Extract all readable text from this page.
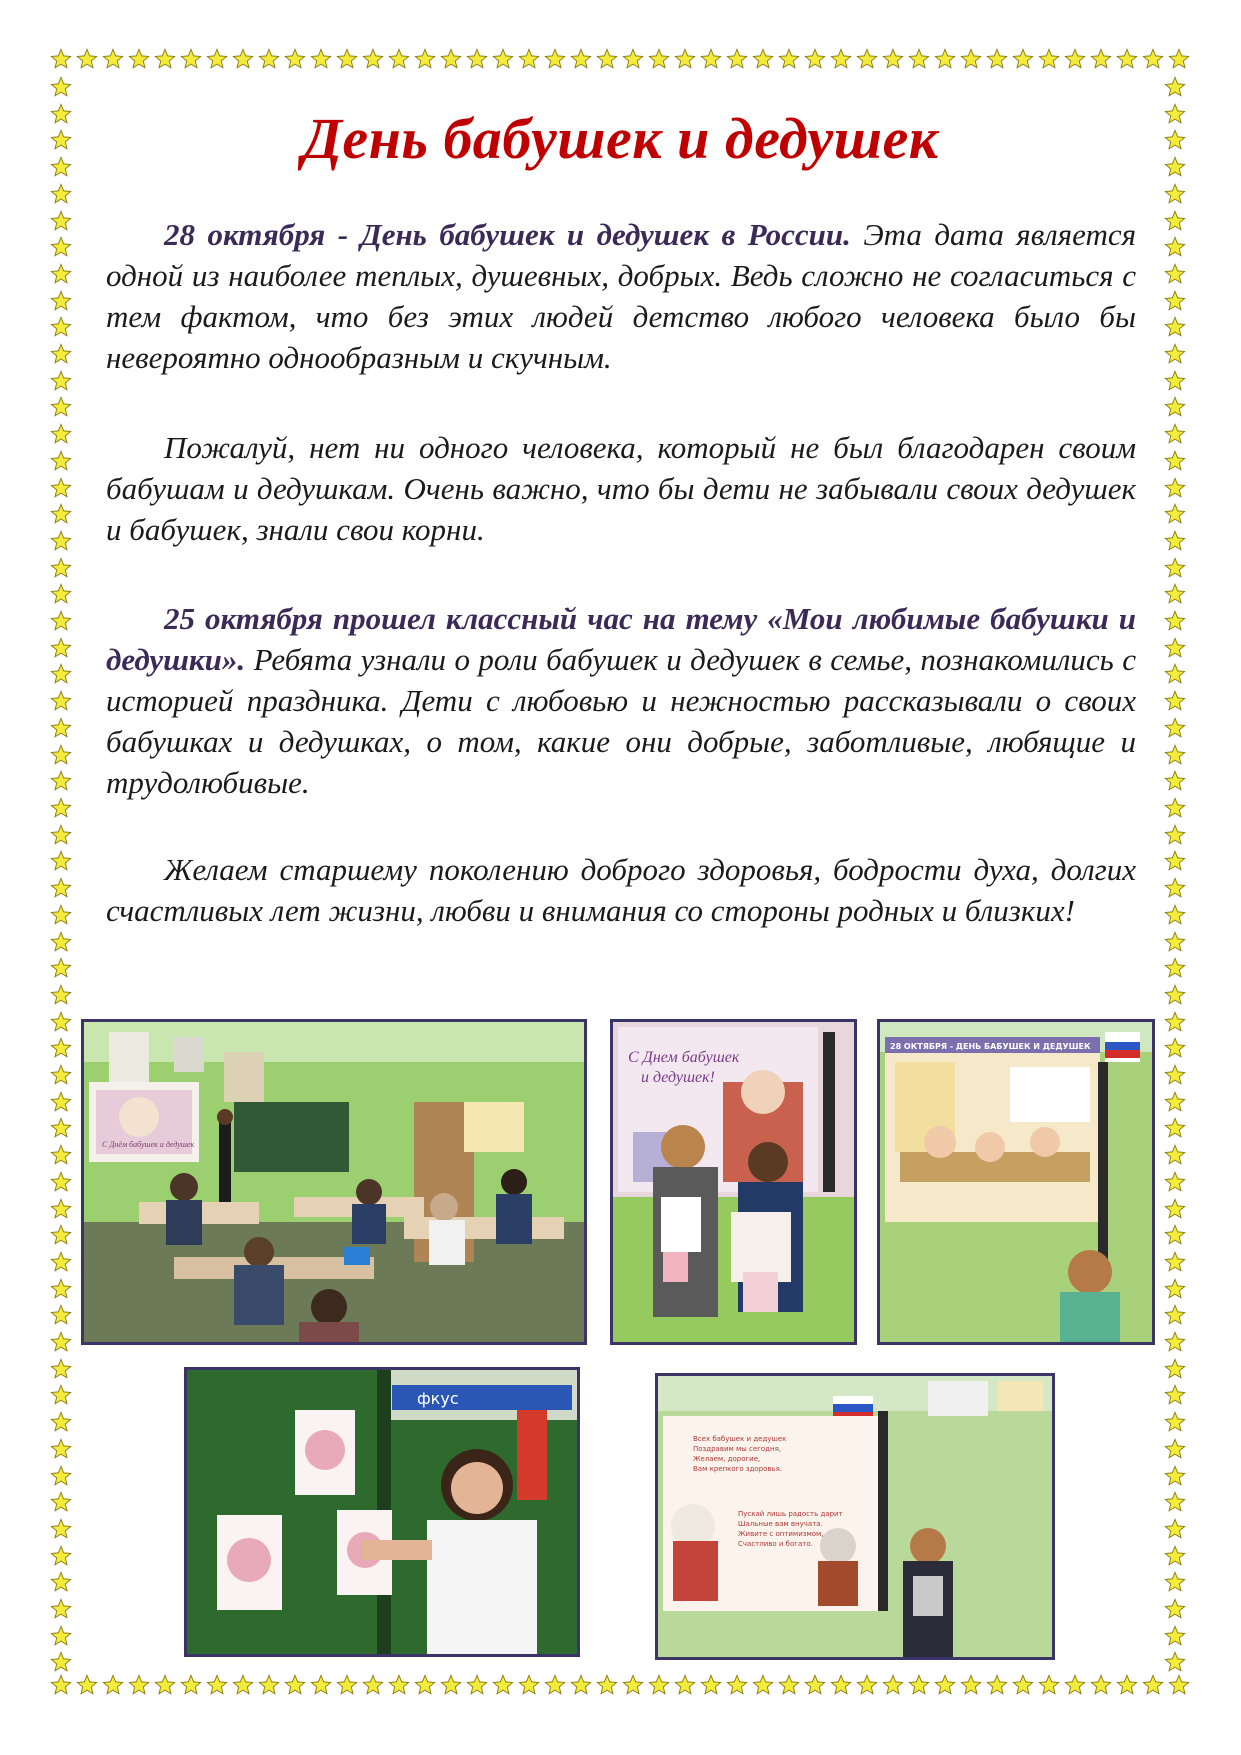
День бабушек и дедушек

28 октября - День бабушек и дедушек в России. Эта дата является одной из наиболее теплых, душевных, добрых. Ведь сложно не согласиться с тем фактом, что без этих людей детство любого человека было бы невероятно однообразным и скучным.

Пожалуй, нет ни одного человека, который не был благодарен своим бабушам и дедушкам. Очень важно, что бы дети не забывали своих дедушек и бабушек, знали свои корни.

25 октября прошел классный час на тему «Мои любимые бабушки и дедушки». Ребята узнали о роли бабушек и дедушек в семье, познакомились с историей праздника. Дети с любовью и нежностью рассказывали о своих бабушках и дедушках, о том, какие они добрые, заботливые, любящие и трудолюбивые.

Желаем старшему поколению доброго здоровья, бодрости духа, долгих счастливых лет жизни, любви и внимания со стороны родных и близких!

С Днём бабушек и дедушек
С Днем бабушек
и дедушек!
28 ОКТЯБРЯ - ДЕНЬ БАБУШЕК И ДЕДУШЕК
фкус
Всех бабушек и дедушек
Поздравим мы сегодня,
Желаем, дорогие,
Вам крепкого здоровья.
Пускай лишь радость дарит
Шальные вам внучата.
Живите с оптимизмом,
Счастливо и богато.
